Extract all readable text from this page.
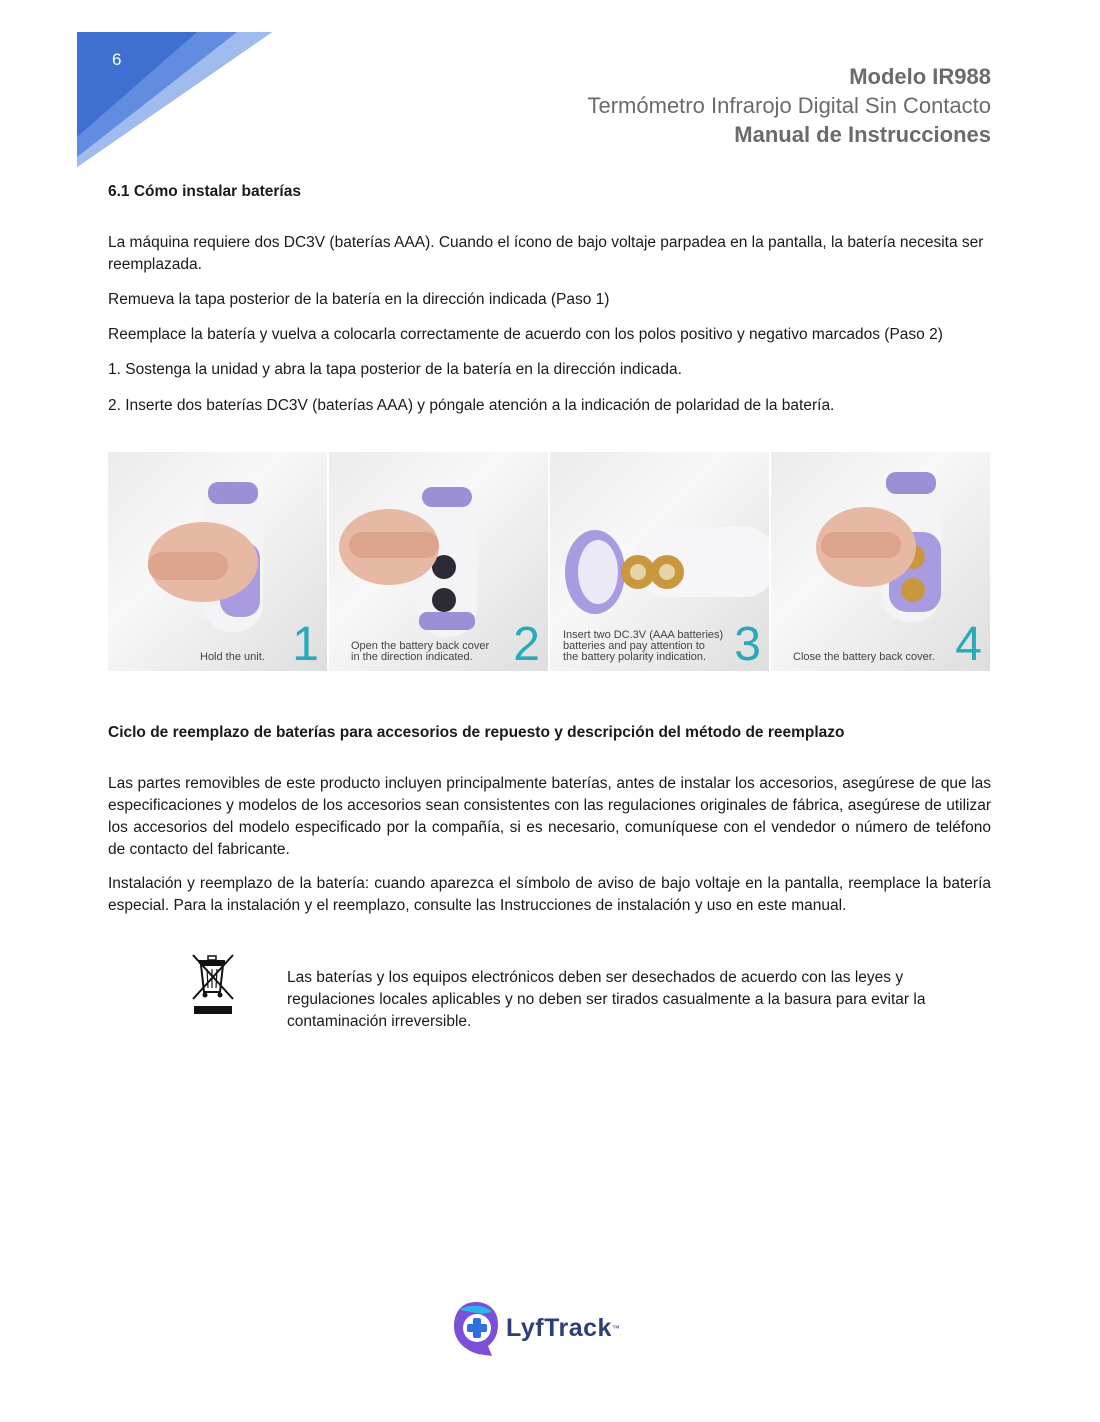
6
Modelo IR988
Termómetro Infrarojo Digital Sin Contacto
Manual de Instrucciones
6.1 Cómo instalar baterías

La máquina requiere dos DC3V (baterías AAA). Cuando el ícono de bajo voltaje parpadea en la pantalla, la batería necesita ser reemplazada.

Remueva la tapa posterior de la batería en la dirección indicada (Paso 1)

Reemplace la batería y vuelva a colocarla correctamente de acuerdo con los polos positivo y negativo marcados (Paso 2)

1. Sostenga la unidad y abra la tapa posterior de la batería en la dirección indicada.

2. Inserte dos baterías DC3V (baterías AAA) y póngale atención a la indicación de polaridad de la batería.

Hold the unit. 1	Open the battery back cover
in the direction indicated. 2 Insert two DC.3V (AAA batteries)
batteries and pay attention to
the battery polarity indication. 3	Close the battery back cover. 4
Ciclo de reemplazo de baterías para accesorios de repuesto y descripción del método de reemplazo

Las partes removibles de este producto incluyen principalmente baterías, antes de instalar los accesorios, asegúrese de que las especificaciones y modelos de los accesorios sean consistentes con las regulaciones originales de fábrica, asegúrese de utilizar los accesorios del modelo especificado por la compañía, si es necesario, comuníquese con el vendedor o número de teléfono de contacto del fabricante.

Instalación y reemplazo de la batería: cuando aparezca el símbolo de aviso de bajo voltaje en la pantalla, reemplace la batería especial. Para la instalación y el reemplazo, consulte las Instrucciones de instalación y uso en este manual.

Las baterías y los equipos electrónicos deben ser desechados de acuerdo con las leyes y regulaciones locales aplicables y no deben ser tirados casualmente a la basura para evitar la contaminación irreversible.

LyfTrack ™
